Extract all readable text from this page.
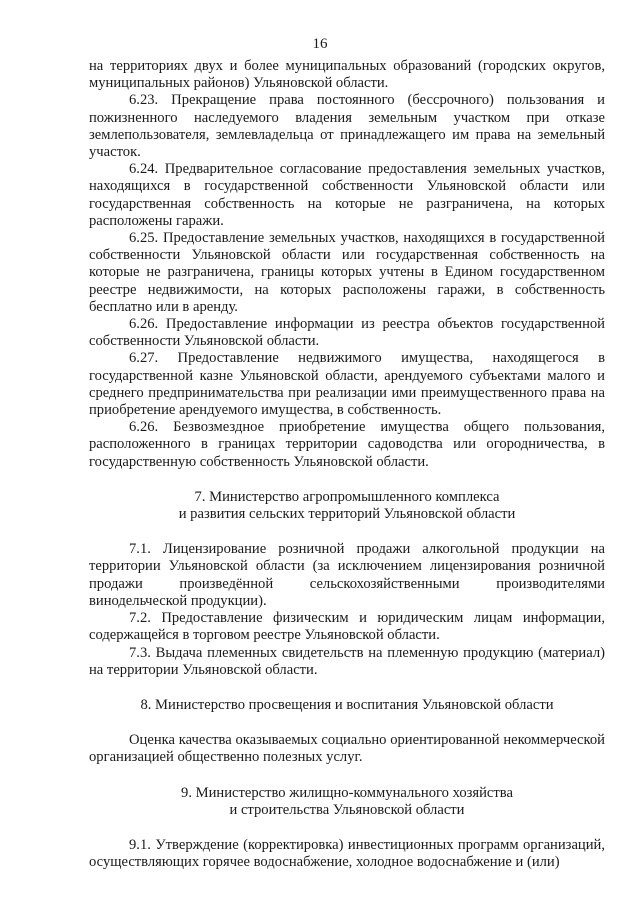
16

на территориях двух и более муниципальных образований (городских округов, муниципальных районов) Ульяновской области.

6.23. Прекращение права постоянного (бессрочного) пользования и пожизненного наследуемого владения земельным участком при отказе землепользователя, землевладельца от принадлежащего им права на земельный участок.

6.24. Предварительное согласование предоставления земельных участков, находящихся в государственной собственности Ульяновской области или государственная собственность на которые не разграничена, на которых расположены гаражи.

6.25. Предоставление земельных участков, находящихся в государственной собственности Ульяновской области или государственная собственность на которые не разграничена, границы которых учтены в Едином государственном реестре недвижимости, на которых расположены гаражи, в собственность бесплатно или в аренду.

6.26. Предоставление информации из реестра объектов государственной собственности Ульяновской области.

6.27. Предоставление недвижимого имущества, находящегося в государственной казне Ульяновской области, арендуемого субъектами малого и среднего предпринимательства при реализации ими преимущественного права на приобретение арендуемого имущества, в собственность.

6.26. Безвозмездное приобретение имущества общего пользования, расположенного в границах территории садоводства или огородничества, в государственную собственность Ульяновской области.

7. Министерство агропромышленного комплекса

и развития сельских территорий Ульяновской области

7.1. Лицензирование розничной продажи алкогольной продукции на территории Ульяновской области (за исключением лицензирования розничной продажи произведённой сельскохозяйственными производителями винодельческой продукции).

7.2. Предоставление физическим и юридическим лицам информации, содержащейся в торговом реестре Ульяновской области.

7.3. Выдача племенных свидетельств на племенную продукцию (материал) на территории Ульяновской области.

8. Министерство просвещения и воспитания Ульяновской области

Оценка качества оказываемых социально ориентированной некоммерческой организацией общественно полезных услуг.

9. Министерство жилищно-коммунального хозяйства

и строительства Ульяновской области

9.1. Утверждение (корректировка) инвестиционных программ организаций, осуществляющих горячее водоснабжение, холодное водоснабжение и (или)
